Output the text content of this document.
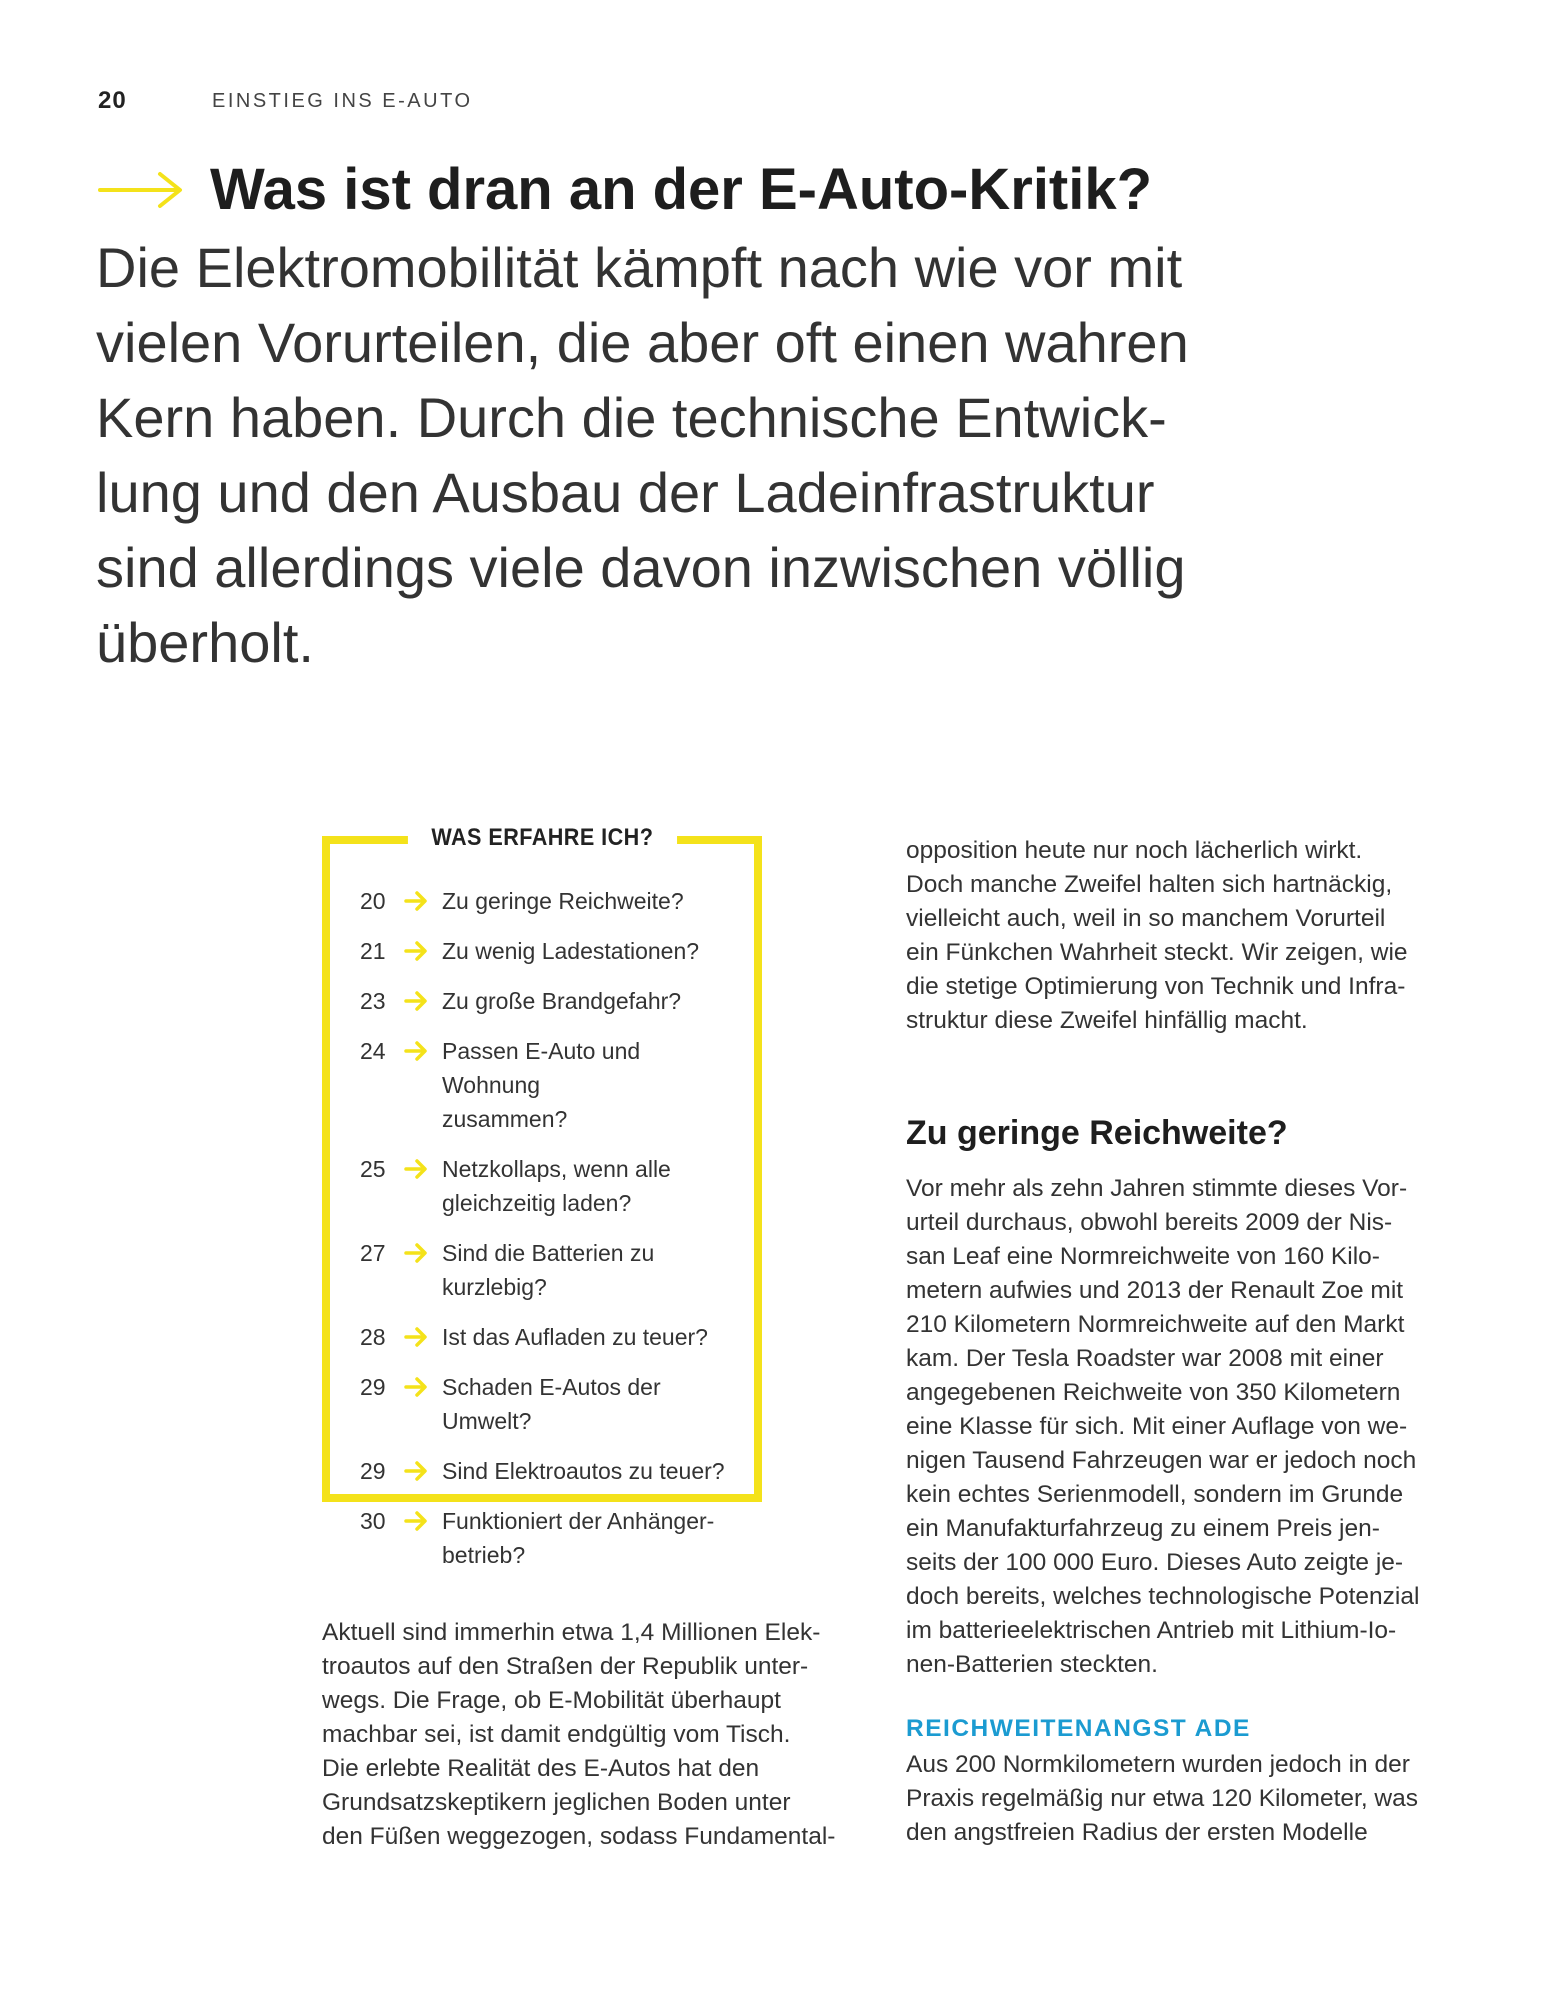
20	EINSTIEG INS E-AUTO
Was ist dran an der E-Auto-Kritik?

Die Elektromobilität kämpft nach wie vor mit
vielen Vorurteilen, die aber oft einen wahren
Kern haben. Durch die technische Entwick-
lung und den Ausbau der Ladeinfrastruktur
sind allerdings viele davon inzwischen völlig
überholt.

WAS ERFAHRE ICH?
20	Zu geringe Reichweite?
21	Zu wenig Ladestationen?
23	Zu große Brandgefahr?
24	Passen E-Auto und Wohnung
zusammen?
25	Netzkollaps, wenn alle
gleichzeitig laden?
27	Sind die Batterien zu kurzlebig?
28	Ist das Aufladen zu teuer?
29	Schaden E-Autos der Umwelt?
29	Sind Elektroautos zu teuer?
30	Funktioniert der Anhänger-
betrieb?

Aktuell sind immerhin etwa 1,4 Millionen Elek-
troautos auf den Straßen der Republik unter-
wegs. Die Frage, ob E-Mobilität überhaupt
machbar sei, ist damit endgültig vom Tisch.
Die erlebte Realität des E-Autos hat den
Grundsatzskeptikern jeglichen Boden unter
den Füßen weggezogen, sodass Fundamental-

opposition heute nur noch lächerlich wirkt.
Doch manche Zweifel halten sich hartnäckig,
vielleicht auch, weil in so manchem Vorurteil
ein Fünkchen Wahrheit steckt. Wir zeigen, wie
die stetige Optimierung von Technik und Infra-
struktur diese Zweifel hinfällig macht.

Zu geringe Reichweite?

Vor mehr als zehn Jahren stimmte dieses Vor-
urteil durchaus, obwohl bereits 2009 der Nis-
san Leaf eine Normreichweite von 160 Kilo-
metern aufwies und 2013 der Renault Zoe mit
210 Kilometern Normreichweite auf den Markt
kam. Der Tesla Roadster war 2008 mit einer
angegebenen Reichweite von 350 Kilometern
eine Klasse für sich. Mit einer Auflage von we-
nigen Tausend Fahrzeugen war er jedoch noch
kein echtes Serienmodell, sondern im Grunde
ein Manufakturfahrzeug zu einem Preis jen-
seits der 100 000 Euro. Dieses Auto zeigte je-
doch bereits, welches technologische Potenzial
im batterieelektrischen Antrieb mit Lithium-Io-
nen-Batterien steckten.

REICHWEITENANGST ADE

Aus 200 Normkilometern wurden jedoch in der
Praxis regelmäßig nur etwa 120 Kilometer, was
den angstfreien Radius der ersten Modelle
